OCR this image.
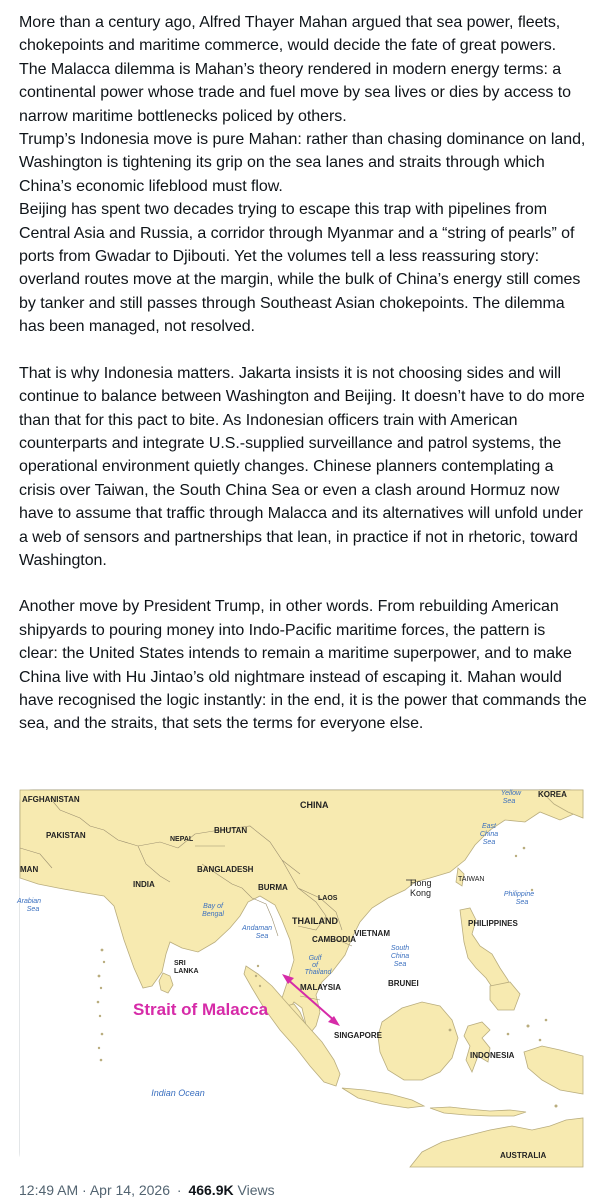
More than a century ago, Alfred Thayer Mahan argued that sea power, fleets, chokepoints and maritime commerce, would decide the fate of great powers. The Malacca dilemma is Mahan’s theory rendered in modern energy terms: a continental power whose trade and fuel move by sea lives or dies by access to narrow maritime bottlenecks policed by others.

Trump’s Indonesia move is pure Mahan: rather than chasing dominance on land, Washington is tightening its grip on the sea lanes and straits through which China’s economic lifeblood must flow.

Beijing has spent two decades trying to escape this trap with pipelines from Central Asia and Russia, a corridor through Myanmar and a “string of pearls” of ports from Gwadar to Djibouti. Yet the volumes tell a less reassuring story: overland routes move at the margin, while the bulk of China’s energy still comes by tanker and still passes through Southeast Asian chokepoints. The dilemma has been managed, not resolved.

That is why Indonesia matters. Jakarta insists it is not choosing sides and will continue to balance between Washington and Beijing. It doesn’t have to do more than that for this pact to bite. As Indonesian officers train with American counterparts and integrate U.S.-supplied surveillance and patrol systems, the operational environment quietly changes. Chinese planners contemplating a crisis over Taiwan, the South China Sea or even a clash around Hormuz now have to assume that traffic through Malacca and its alternatives will unfold under a web of sensors and partnerships that lean, in practice if not in rhetoric, toward Washington.

Another move by President Trump, in other words. From rebuilding American shipyards to pouring money into Indo-Pacific maritime forces, the pattern is clear: the United States intends to remain a maritime superpower, and to make China live with Hu Jintao’s old nightmare instead of escaping it. Mahan would have recognised the logic instantly: in the end, it is the power that commands the sea, and the straits, that sets the terms for everyone else.

AFGHANISTAN
PAKISTAN
MAN
CHINA
BHUTAN
NEPAL
BANGLADESH
INDIA	BURMA
LAOS
TAIWAN
KOREA
THAILAND
CAMBODIA
VIETNAM
PHILIPPINES
SRI
LANKA
MALAYSIA	BRUNEI
SINGAPORE
INDONESIA
AUSTRALIA
Hong
Kong
Arabian
Sea
Yellow
Sea
East
China
Sea
Philippine
Sea
Bay of
Bengal
Andaman
Sea
Gulf
of
Thailand
South
China
Sea
Indian Ocean
Strait of Malacca
12:49 AM · Apr 14, 2026 · 466.9K Views
